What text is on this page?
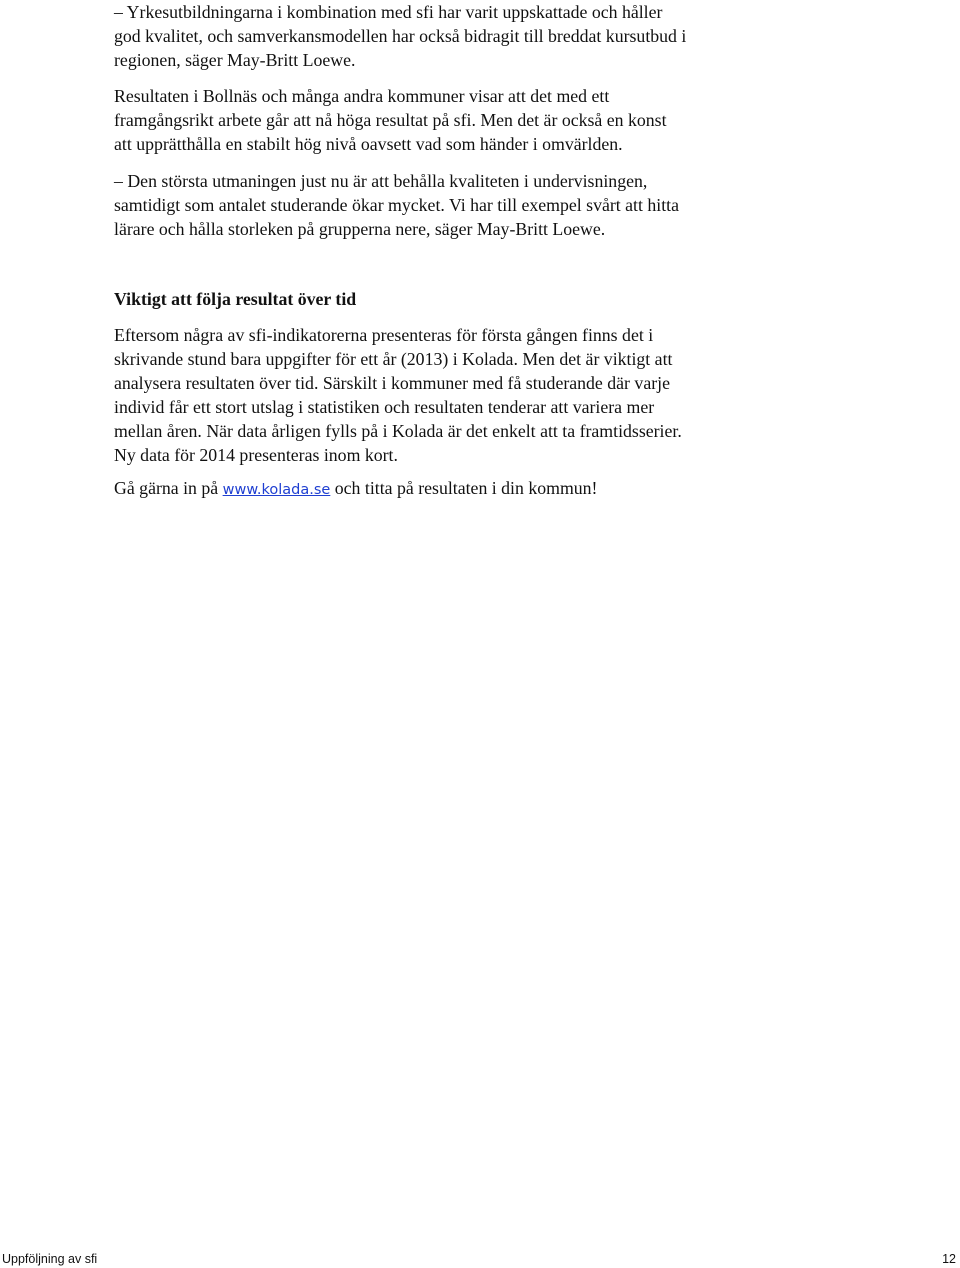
– Yrkesutbildningarna i kombination med sfi har varit uppskattade och håller
god kvalitet, och samverkansmodellen har också bidragit till breddat kursutbud i
regionen, säger May-Britt Loewe.

Resultaten i Bollnäs och många andra kommuner visar att det med ett
framgångsrikt arbete går att nå höga resultat på sfi. Men det är också en konst
att upprätthålla en stabilt hög nivå oavsett vad som händer i omvärlden.

– Den största utmaningen just nu är att behålla kvaliteten i undervisningen,
samtidigt som antalet studerande ökar mycket. Vi har till exempel svårt att hitta
lärare och hålla storleken på grupperna nere, säger May-Britt Loewe.

Viktigt att följa resultat över tid

Eftersom några av sfi-indikatorerna presenteras för första gången finns det i
skrivande stund bara uppgifter för ett år (2013) i Kolada. Men det är viktigt att
analysera resultaten över tid. Särskilt i kommuner med få studerande där varje
individ får ett stort utslag i statistiken och resultaten tenderar att variera mer
mellan åren. När data årligen fylls på i Kolada är det enkelt att ta framtidsserier.
Ny data för 2014 presenteras inom kort.

Gå gärna in på www.kolada.se och titta på resultaten i din kommun!

Uppföljning av sfi	12
